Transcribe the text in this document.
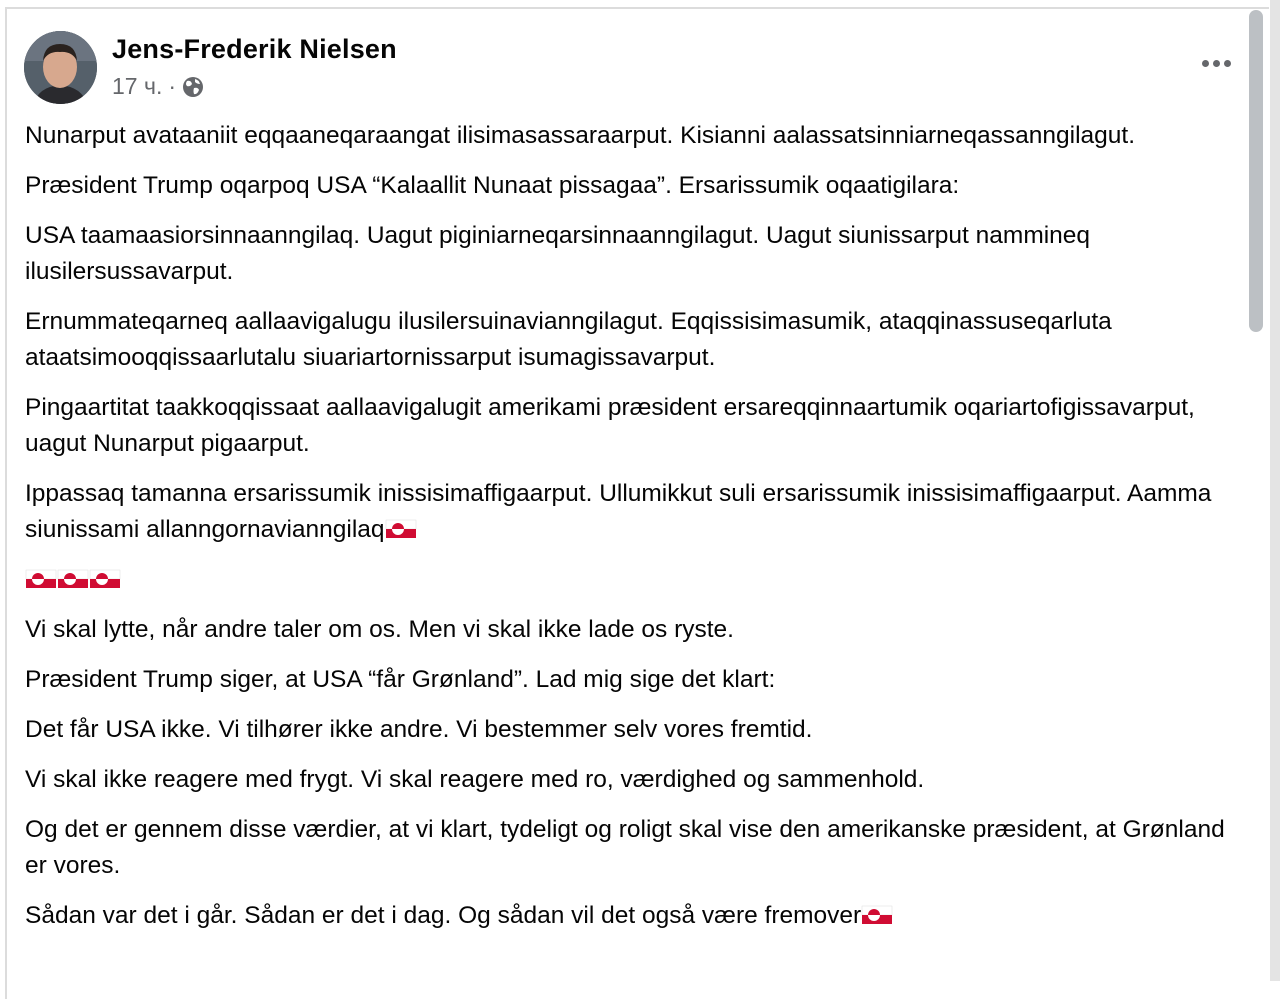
Jens-Frederik Nielsen
17 ч. ·

Nunarput avataaniit eqqaaneqaraangat ilisimasassaraarput. Kisianni aalassatsinniarneqassanngilagut.

Præsident Trump oqarpoq USA “Kalaallit Nunaat pissagaa”. Ersarissumik oqaatigilara:

USA taamaasiorsinnaanngilaq. Uagut piginiarneqarsinnaanngilagut. Uagut siunissarput nammineq ilusilersussavarput.

Ernummateqarneq aallaavigalugu ilusilersuinavianngilagut. Eqqissisimasumik, ataqqinassuseqarluta ataatsimooqqissaarlutalu siuariartornissarput isumagissavarput.

Pingaartitat taakkoqqissaat aallaavigalugit amerikami præsident ersareqqinnaartumik oqariartofigissavarput, uagut Nunarput pigaarput.

Ippassaq tamanna ersarissumik inissisimaffigaarput. Ullumikkut suli ersarissumik inissisimaffigaarput. Aamma siunissami allanngornavianngilaq

Vi skal lytte, når andre taler om os. Men vi skal ikke lade os ryste.

Præsident Trump siger, at USA “får Grønland”. Lad mig sige det klart:

Det får USA ikke. Vi tilhører ikke andre. Vi bestemmer selv vores fremtid.

Vi skal ikke reagere med frygt. Vi skal reagere med ro, værdighed og sammenhold.

Og det er gennem disse værdier, at vi klart, tydeligt og roligt skal vise den amerikanske præsident, at Grønland er vores.

Sådan var det i går. Sådan er det i dag. Og sådan vil det også være fremover
